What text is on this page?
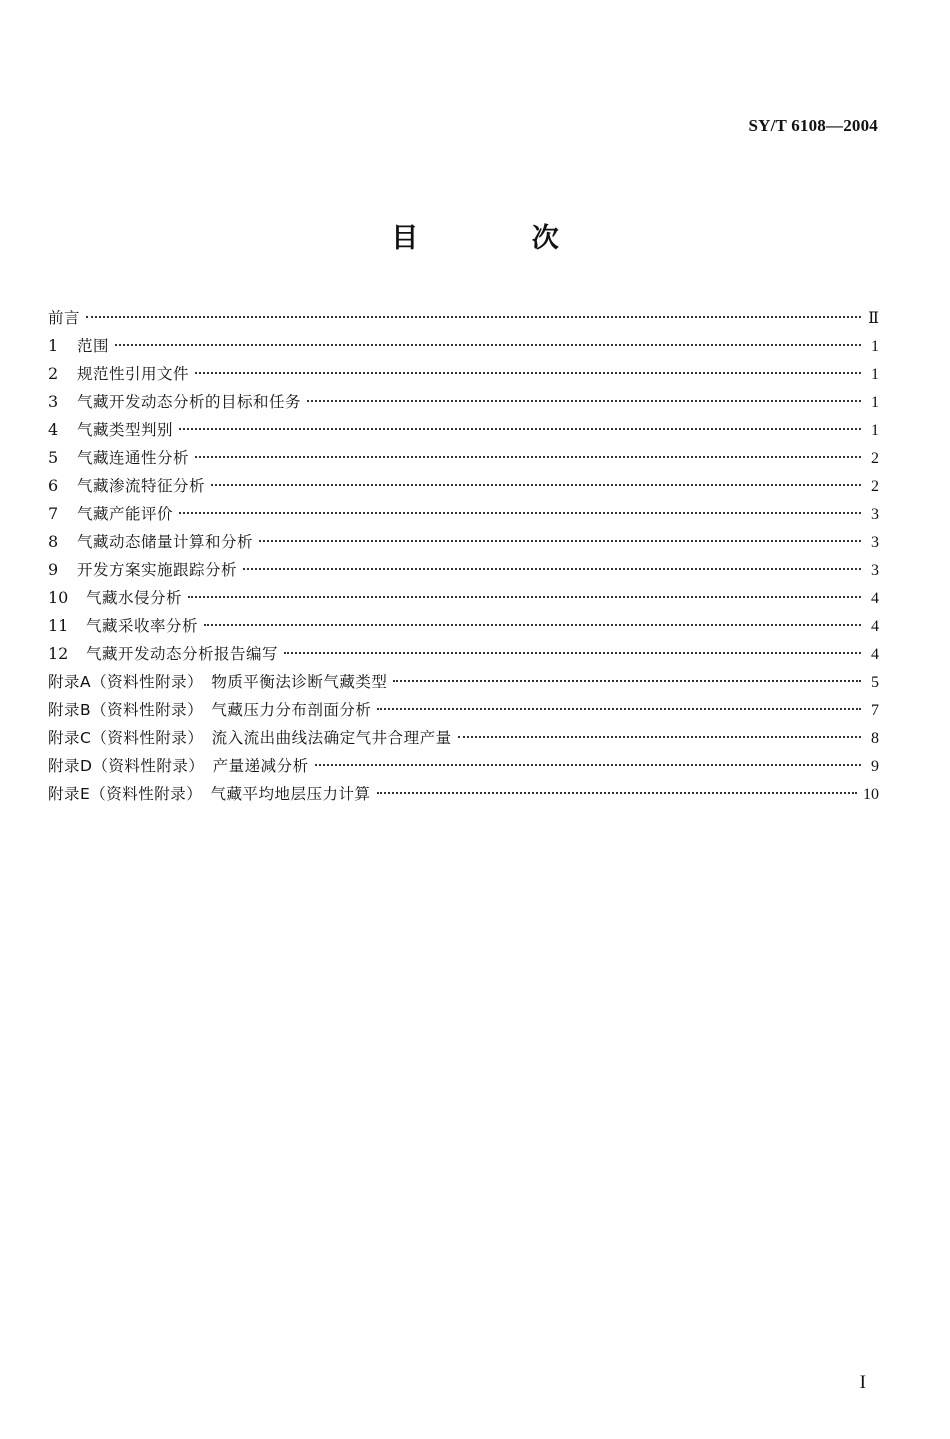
SY/T 6108—2004
目 次
前言	Ⅱ
1	范围	1
2	规范性引用文件	1
3	气藏开发动态分析的目标和任务	1
4	气藏类型判别	1
5	气藏连通性分析	2
6	气藏渗流特征分析	2
7	气藏产能评价	3
8	气藏动态储量计算和分析	3
9	开发方案实施跟踪分析	3
10	气藏水侵分析	4
11	气藏采收率分析	4
12	气藏开发动态分析报告编写	4
附录A（资料性附录）　物质平衡法诊断气藏类型	5
附录B（资料性附录）　气藏压力分布剖面分析	7
附录C（资料性附录）　流入流出曲线法确定气井合理产量	8
附录D（资料性附录）　产量递减分析	9
附录E（资料性附录）　气藏平均地层压力计算	10
I
